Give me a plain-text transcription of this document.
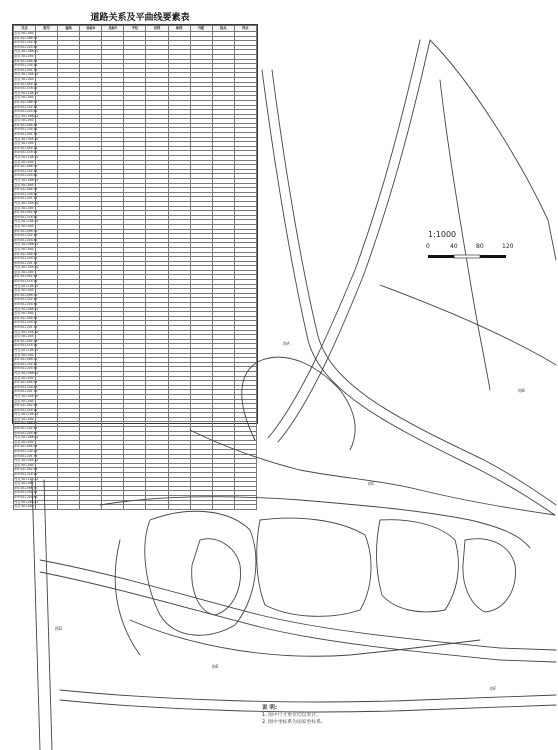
道路关系及平曲线要素表
交点	桩号	偏角	坐标X	坐标Y	半径	切线	曲线	外距	起点	终点
起点 K0+000										
JD1 K0+088.70										
JD2 K0+152.45										
JD3 K0+220.80										
终点 K0+288.61										
起点 K0+000										
JD1 K0+066.32										
JD2 K0+140.10										
JD3 K0+221.75										
终点 K0+305.40										
起点 K0+000										
JD1 K0+052.18										
JD2 K0+118.90										
终点 K0+196.22										
起点 K0+000										
JD1 K0+088.70										
JD2 K0+152.45										
JD3 K0+220.80										
终点 K0+288.61										
起点 K0+000										
JD1 K0+066.32										
JD2 K0+140.10										
JD3 K0+221.75										
终点 K0+305.40										
起点 K0+000										
JD1 K0+052.18										
JD2 K0+118.90										
终点 K0+196.22										
起点 K0+000										
JD1 K0+088.70										
JD2 K0+152.45										
JD3 K0+220.80										
终点 K0+288.61										
起点 K0+000										
JD1 K0+066.32										
JD2 K0+140.10										
JD3 K0+221.75										
终点 K0+305.40										
起点 K0+000										
JD1 K0+052.18										
JD2 K0+118.90										
终点 K0+196.22										
起点 K0+000										
JD1 K0+088.70										
JD2 K0+152.45										
JD3 K0+220.80										
终点 K0+288.61										
起点 K0+000										
JD1 K0+066.32										
JD2 K0+140.10										
JD3 K0+221.75										
终点 K0+305.40										
起点 K0+000										
JD1 K0+052.18										
JD2 K0+118.90										
终点 K0+196.22										
起点 K0+000										
JD1 K0+088.70										
JD2 K0+152.45										
JD3 K0+220.80										
终点 K0+288.61										
起点 K0+000										
JD1 K0+066.32										
JD2 K0+140.10										
JD3 K0+221.75										
终点 K0+305.40										
起点 K0+000										
JD1 K0+052.18										
JD2 K0+118.90										
终点 K0+196.22										
起点 K0+000										
JD1 K0+088.70										
JD2 K0+152.45										
JD3 K0+220.80										
终点 K0+288.61										
起点 K0+000										
JD1 K0+066.32										
JD2 K0+140.10										
JD3 K0+221.75										
终点 K0+305.40										
起点 K0+000										
JD1 K0+052.18										
JD2 K0+118.90										
终点 K0+196.22										
起点 K0+000										
JD1 K0+088.70										
JD2 K0+152.45										
JD3 K0+220.80										
终点 K0+288.61										
起点 K0+000										
JD1 K0+066.32										
JD2 K0+140.10										
JD3 K0+221.75										
终点 K0+305.40										
起点 K0+000										
JD1 K0+052.18										
JD2 K0+118.90										
终点 K0+196.22										
起点 K0+000										
JD1 K0+088.70										
JD2 K0+152.45										
JD3 K0+220.80										
终点 K0+288.61										
起点 K0+000										
路A
路B
路C
路D
路E
路F
1:1000
0	40	80	120
说 明:
1. 图中尺寸单位均以米计。
2. 图中坐标系为国家坐标系。
